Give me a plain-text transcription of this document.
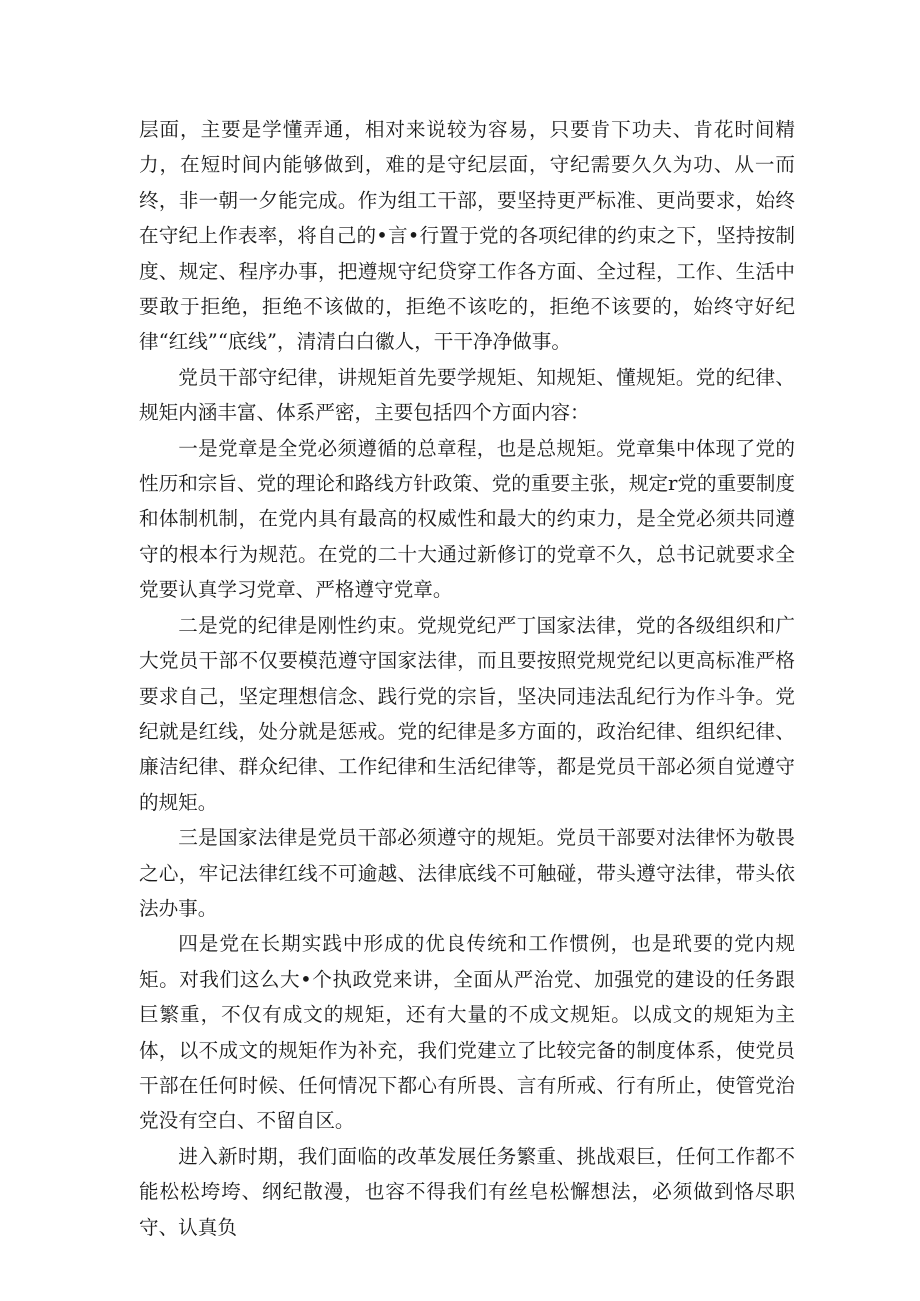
层面，主要是学懂弄通，相对来说较为容易，只要肯下功夫、肯花时间精力，在短时间内能够做到，难的是守纪层面，守纪需要久久为功、从一而终，非一朝一夕能完成。作为组工干部，要坚持更严标准、更尚要求，始终在守纪上作表率，将自己的•言•行置于党的各项纪律的约束之下，坚持按制度、规定、程序办事，把遵规守纪贷穿工作各方面、全过程，工作、生活中要敢于拒绝，拒绝不该做的，拒绝不该吃的，拒绝不该要的，始终守好纪律“红线”“底线”，清清白白徽人，干干净净做事。

党员干部守纪律，讲规矩首先要学规矩、知规矩、懂规矩。党的纪律、规矩内涵丰富、体系严密，主要包括四个方面内容：

一是党章是全党必须遵循的总章程，也是总规矩。党章集中体现了党的性历和宗旨、党的理论和路线方针政策、党的重要主张，规定r党的重要制度和体制机制，在党内具有最高的权威性和最大的约束力，是全党必须共同遵守的根本行为规范。在党的二十大通过新修订的党章不久，总书记就要求全党要认真学习党章、严格遵守党章。

二是党的纪律是刚性约束。党规党纪严丁国家法律，党的各级组织和广大党员干部不仅要模范遵守国家法律，而且要按照党规党纪以更高标准严格要求自己，坚定理想信念、践行党的宗旨，坚决同违法乱纪行为作斗争。党纪就是红线，处分就是惩戒。党的纪律是多方面的，政治纪律、组织纪律、廉洁纪律、群众纪律、工作纪律和生活纪律等，都是党员干部必须自觉遵守的规矩。

三是国家法律是党员干部必须遵守的规矩。党员干部要对法律怀为敬畏之心，牢记法律红线不可逾越、法律底线不可触碰，带头遵守法律，带头依法办事。

四是党在长期实践中形成的优良传统和工作惯例，也是玳要的党内规矩。对我们这么大•个执政党来讲，全面从严治党、加强党的建设的任务跟巨繁重，不仅有成文的规矩，还有大量的不成文规矩。以成文的规矩为主体，以不成文的规矩作为补充，我们党建立了比较完备的制度体系，使党员干部在任何时候、任何情况下都心有所畏、言有所戒、行有所止，使管党治党没有空白、不留自区。

进入新时期，我们面临的改革发展任务繁重、挑战艰巨，任何工作都不能松松垮垮、纲纪散漫，也容不得我们有丝皂松懈想法，必须做到恪尽职守、认真负
